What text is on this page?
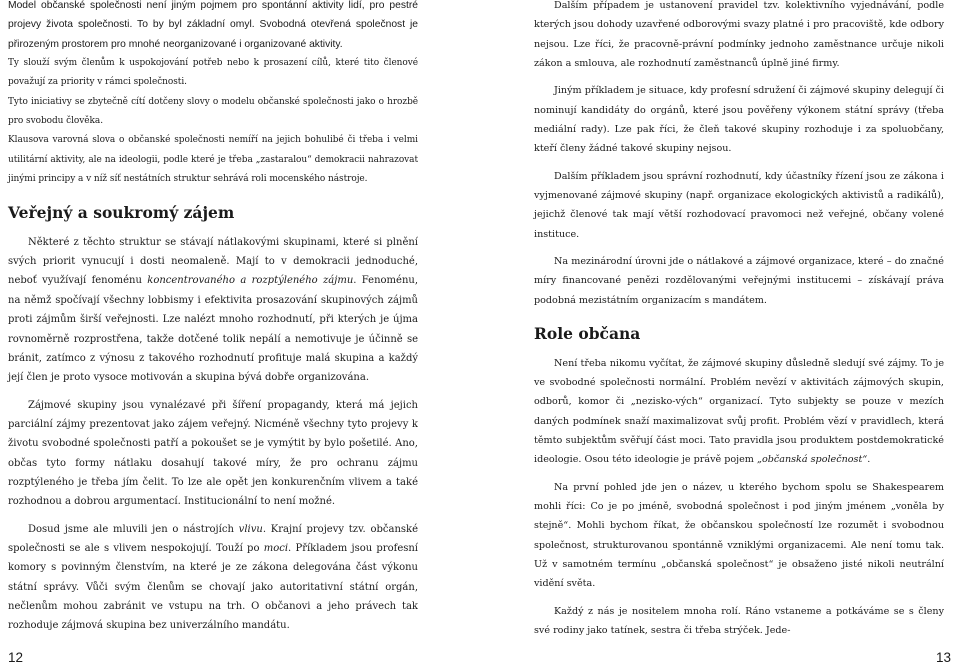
Model občanské společnosti není jiným pojmem pro spontánní aktivity lidí, pro pestré projevy života společnosti. To by byl základní omyl. Svobodná otevřená společnost je přirozeným prostorem pro mnohé neorganizované i organizované aktivity.

Ty slouží svým členům k uspokojování potřeb nebo k prosazení cílů, které tito členové považují za priority v rámci společnosti.

Tyto iniciativy se zbytečně cítí dotčeny slovy o modelu občanské společnosti jako o hrozbě pro svobodu člověka.

Klausova varovná slova o občanské společnosti nemíří na jejich bohulibé či třeba i velmi utilitární aktivity, ale na ideologii, podle které je třeba „zastaralou“ demokracii nahrazovat jinými principy a v níž síť nestátních struktur sehrává roli mocenského nástroje.

Veřejný a soukromý zájem

Některé z těchto struktur se stávají nátlakovými skupinami, které si plnění svých priorit vynucují i dosti neomaleně. Mají to v demokracii jednoduché, neboť využívají fenoménu koncentrovaného a rozptýleného zájmu. Fenoménu, na němž spočívají všechny lobbismy i efektivita prosazování skupinových zájmů proti zájmům širší veřejnosti. Lze nalézt mnoho rozhodnutí, při kterých je újma rovnoměrně rozprostřena, takže dotčené tolik nepálí a nemotivuje je účinně se bránit, zatímco z výnosu z takového rozhodnutí profituje malá skupina a každý její člen je proto vysoce motivován a skupina bývá dobře organizována.

Zájmové skupiny jsou vynalézavé při šíření propagandy, která má jejich parciální zájmy prezentovat jako zájem veřejný. Nicméně všechny tyto projevy k životu svobodné společnosti patří a pokoušet se je vymýtit by bylo pošetilé. Ano, občas tyto formy nátlaku dosahují takové míry, že pro ochranu zájmu rozptýleného je třeba jím čelit. To lze ale opět jen konkurenčním vlivem a také rozhodnou a dobrou argumentací. Institucionální to není možné.

Dosud jsme ale mluvili jen o nástrojích vlivu. Krajní projevy tzv. občanské společnosti se ale s vlivem nespokojují. Touží po moci. Příkladem jsou profesní komory s povinným členstvím, na které je ze zákona delegována část výkonu státní správy. Vůči svým členům se chovají jako autoritativní státní orgán, nečlenům mohou zabránit ve vstupu na trh. O občanovi a jeho právech tak rozhoduje zájmová skupina bez univerzálního mandátu.

12

Dalším případem je ustanovení pravidel tzv. kolektivního vyjednávání, podle kterých jsou dohody uzavřené odborovými svazy platné i pro pracoviště, kde odbory nejsou. Lze říci, že pracovně-právní podmínky jednoho zaměstnance určuje nikoli zákon a smlouva, ale rozhodnutí zaměstnanců úplně jiné firmy.

Jiným příkladem je situace, kdy profesní sdružení či zájmové skupiny delegují či nominují kandidáty do orgánů, které jsou pověřeny výkonem státní správy (třeba mediální rady). Lze pak říci, že čleň takové skupiny rozhoduje i za spoluobčany, kteří členy žádné takové skupiny nejsou.

Dalším příkladem jsou správní rozhodnutí, kdy účastníky řízení jsou ze zákona i vyjmenované zájmové skupiny (např. organizace ekologických aktivistů a radikálů), jejichž členové tak mají větší rozhodovací pravomoci než veřejné, občany volené instituce.

Na mezinárodní úrovni jde o nátlakové a zájmové organizace, které – do značné míry financované penězi rozdělovanými veřejnými institucemi – získávají práva podobná mezistátním organizacím s mandátem.

Role občana

Není třeba nikomu vyčítat, že zájmové skupiny důsledně sledují své zájmy. To je ve svobodné společnosti normální. Problém nevězí v aktivitách zájmových skupin, odborů, komor či „nezisko-vých“ organizací. Tyto subjekty se pouze v mezích daných podmínek snaží maximalizovat svůj profit. Problém vězí v pravidlech, která těmto subjektům svěřují část moci. Tato pravidla jsou produktem postdemokratické ideologie. Osou této ideologie je právě pojem „občanská společnost“.

Na první pohled jde jen o název, u kterého bychom spolu se Shakespearem mohli říci: Co je po jméně, svobodná společnost i pod jiným jménem „voněla by stejně“. Mohli bychom říkat, že občanskou společností lze rozumět i svobodnou společnost, strukturovanou spontánně vzniklými organizacemi. Ale není tomu tak. Už v samotném termínu „občanská společnost“ je obsaženo jisté nikoli neutrální vidění světa.

Každý z nás je nositelem mnoha rolí. Ráno vstaneme a potkáváme se s členy své rodiny jako tatínek, sestra či třeba strýček. Jede-

13
